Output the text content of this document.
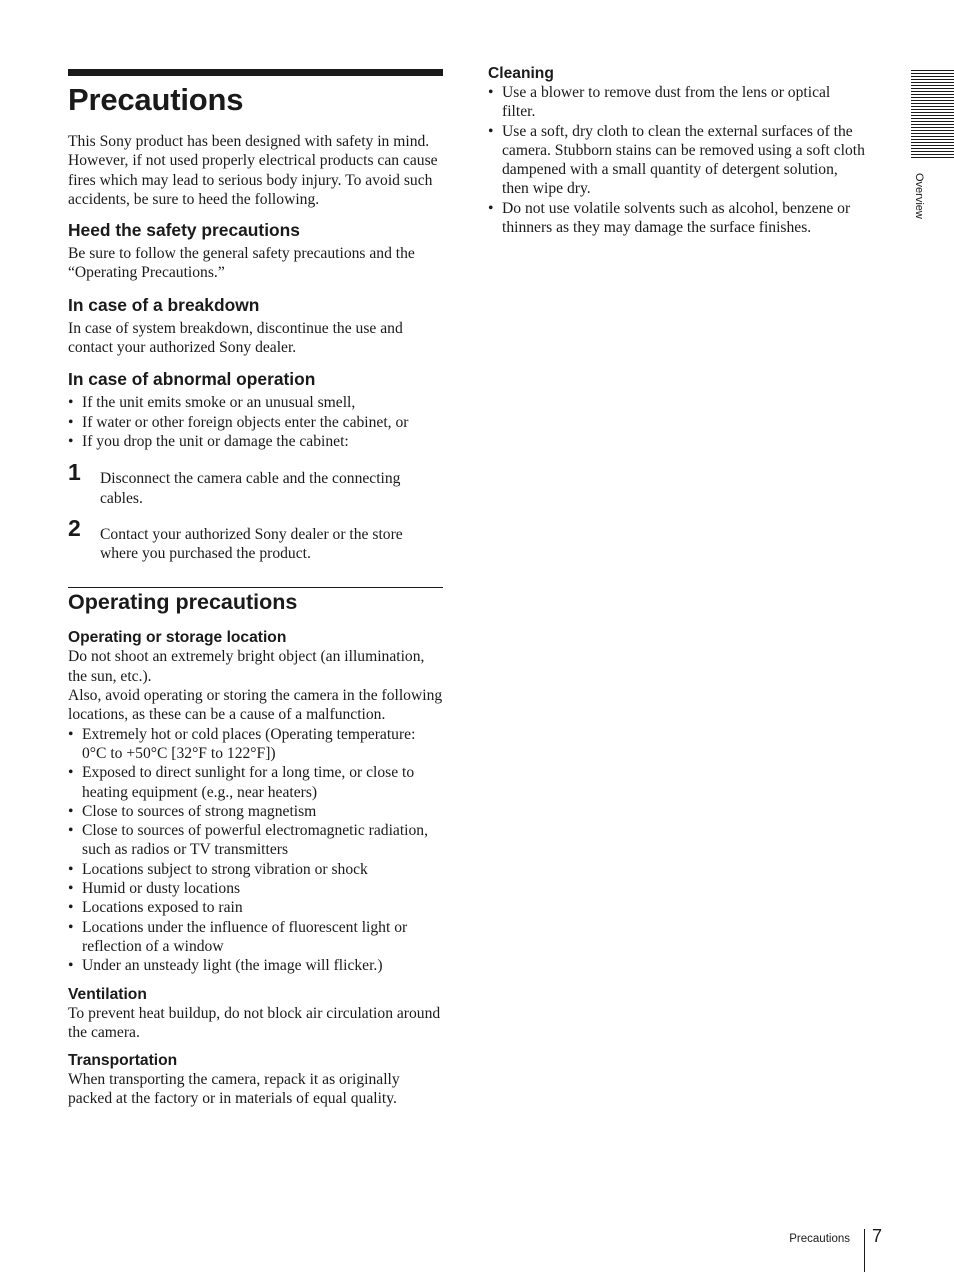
Precautions

This Sony product has been designed with safety in mind. However, if not used properly electrical products can cause fires which may lead to serious body injury. To avoid such accidents, be sure to heed the following.

Heed the safety precautions

Be sure to follow the general safety precautions and the “Operating Precautions.”

In case of a breakdown

In case of system breakdown, discontinue the use and contact your authorized Sony dealer.

In case of abnormal operation
• If the unit emits smoke or an unusual smell,
• If water or other foreign objects enter the cabinet, or
• If you drop the unit or damage the cabinet:
1	Disconnect the camera cable and the connecting cables.
2	Contact your authorized Sony dealer or the store where you purchased the product.
Operating precautions
Operating or storage location

Do not shoot an extremely bright object (an illumination, the sun, etc.).

Also, avoid operating or storing the camera in the following locations, as these can be a cause of a malfunction.

• Extremely hot or cold places (Operating temperature: 0°C to +50°C [32°F to 122°F])
• Exposed to direct sunlight for a long time, or close to heating equipment (e.g., near heaters)
• Close to sources of strong magnetism
• Close to sources of powerful electromagnetic radiation, such as radios or TV transmitters
• Locations subject to strong vibration or shock
• Humid or dusty locations
• Locations exposed to rain
• Locations under the influence of fluorescent light or reflection of a window
• Under an unsteady light (the image will flicker.)
Ventilation

To prevent heat buildup, do not block air circulation around the camera.

Transportation

When transporting the camera, repack it as originally packed at the factory or in materials of equal quality.

Cleaning
• Use a blower to remove dust from the lens or optical filter.
• Use a soft, dry cloth to clean the external surfaces of the camera. Stubborn stains can be removed using a soft cloth dampened with a small quantity of detergent solution, then wipe dry.
• Do not use volatile solvents such as alcohol, benzene or thinners as they may damage the surface finishes.
Overview
Precautions 7
